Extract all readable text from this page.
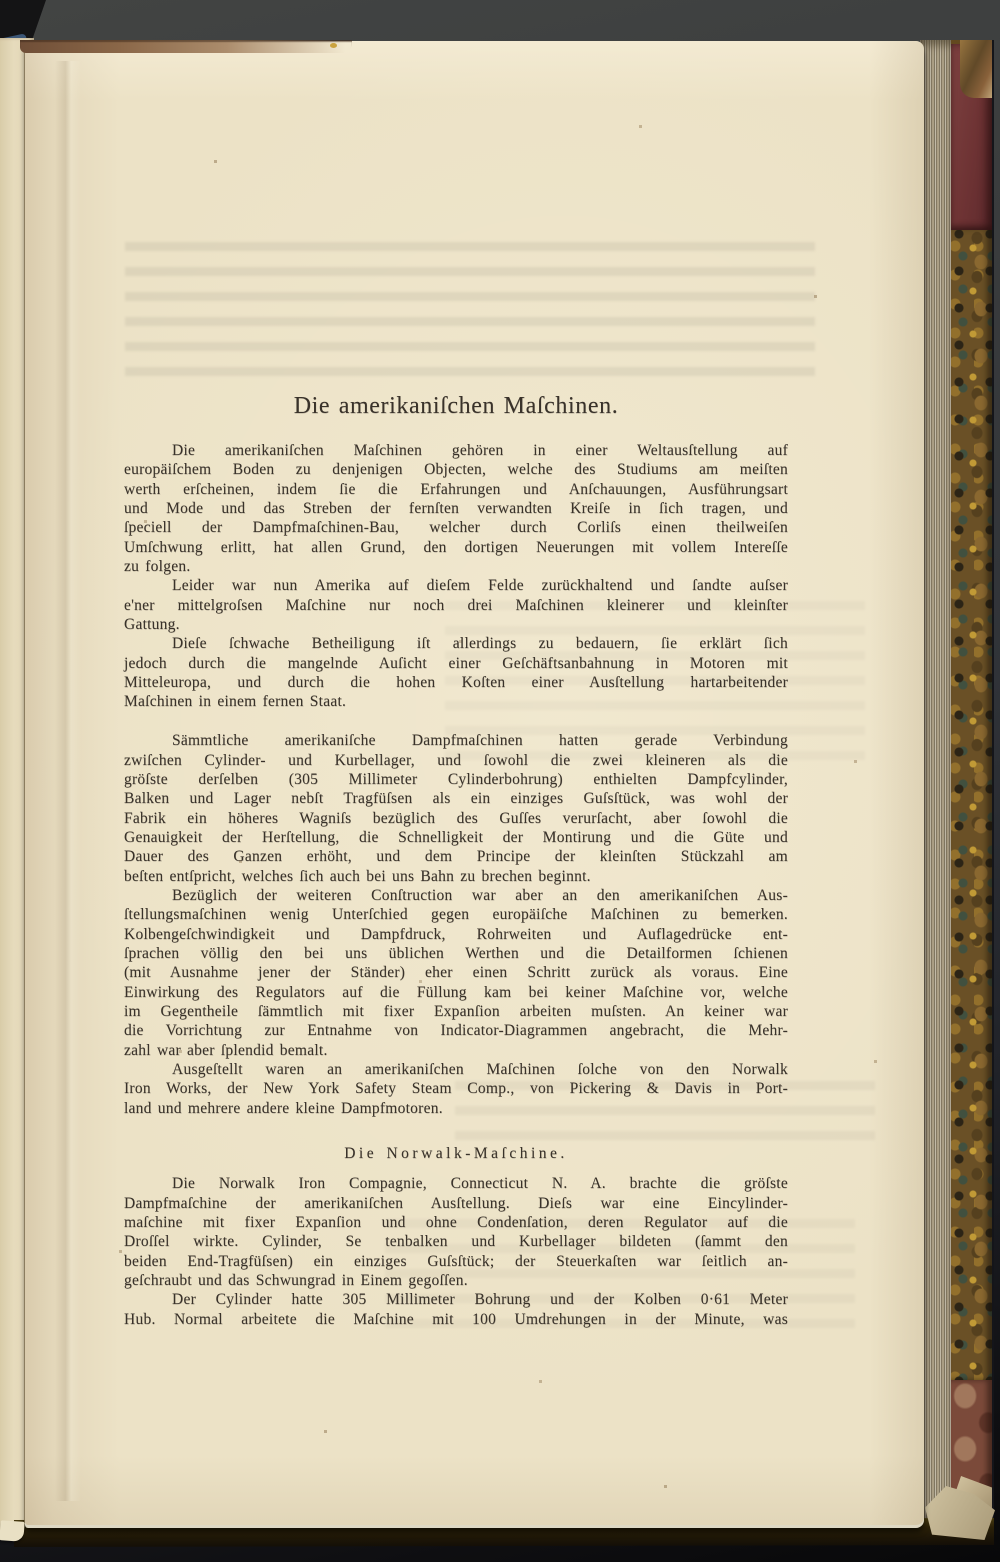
Die amerikaniſchen Maſchinen.
Die amerikaniſchen Maſchinen gehören in einer Weltausſtellung auf
europäiſchem Boden zu denjenigen Objecten, welche des Studiums am meiſten
werth erſcheinen, indem ſie die Erfahrungen und Anſchauungen, Ausführungsart
und Mode und das Streben der fernſten verwandten Kreiſe in ſich tragen, und
ſpeciell der Dampfmaſchinen-Bau, welcher durch Corliſs einen theilweiſen
Umſchwung erlitt, hat allen Grund, den dortigen Neuerungen mit vollem Intereſſe
zu folgen.
Leider war nun Amerika auf dieſem Felde zurückhaltend und ſandte auſser
e'ner mittelgroſsen Maſchine nur noch drei Maſchinen kleinerer und kleinſter
Gattung.
Dieſe ſchwache Betheiligung iſt allerdings zu bedauern, ſie erklärt ſich
jedoch durch die mangelnde Auſicht einer Geſchäftsanbahnung in Motoren mit
Mitteleuropa, und durch die hohen Koſten einer Ausſtellung hartarbeitender
Maſchinen in einem fernen Staat.
Sämmtliche amerikaniſche Dampfmaſchinen hatten gerade Verbindung
zwiſchen Cylinder- und Kurbellager, und ſowohl die zwei kleineren als die
gröſste derſelben (305 Millimeter Cylinderbohrung) enthielten Dampfcylinder,
Balken und Lager nebſt Tragfüſsen als ein einziges Guſsſtück, was wohl der
Fabrik ein höheres Wagniſs bezüglich des Guſſes verurſacht, aber ſowohl die
Genauigkeit der Herſtellung, die Schnelligkeit der Montirung und die Güte und
Dauer des Ganzen erhöht, und dem Principe der kleinſten Stückzahl am
beſten entſpricht, welches ſich auch bei uns Bahn zu brechen beginnt.
Bezüglich der weiteren Conſtruction war aber an den amerikaniſchen Aus-
ſtellungsmaſchinen wenig Unterſchied gegen europäiſche Maſchinen zu bemerken.
Kolbengeſchwindigkeit und Dampfdruck, Rohrweiten und Auflagedrücke ent-
ſprachen völlig den bei uns üblichen Werthen und die Detailformen ſchienen
(mit Ausnahme jener der Ständer) eher einen Schritt zurück als voraus. Eine
Einwirkung des Regulators auf die Füllung kam bei keiner Maſchine vor, welche
im Gegentheile ſämmtlich mit fixer Expanſion arbeiten muſsten. An keiner war
die Vorrichtung zur Entnahme von Indicator-Diagrammen angebracht, die Mehr-
zahl war aber ſplendid bemalt.
Ausgeſtellt waren an amerikaniſchen Maſchinen ſolche von den Norwalk
Iron Works, der New York Safety Steam Comp., von Pickering & Davis in Port-
land und mehrere andere kleine Dampfmotoren.
Die Norwalk-Maſchine.
Die Norwalk Iron Compagnie, Connecticut N. A. brachte die gröſste
Dampfmaſchine der amerikaniſchen Ausſtellung. Dieſs war eine Eincylinder-
maſchine mit fixer Expanſion und ohne Condenſation, deren Regulator auf die
Droſſel wirkte. Cylinder, Se tenbalken und Kurbellager bildeten (ſammt den
beiden End-Tragfüſsen) ein einziges Guſsſtück; der Steuerkaſten war ſeitlich an-
geſchraubt und das Schwungrad in Einem gegoſſen.
Der Cylinder hatte 305 Millimeter Bohrung und der Kolben 0·61 Meter
Hub. Normal arbeitete die Maſchine mit 100 Umdrehungen in der Minute, was
